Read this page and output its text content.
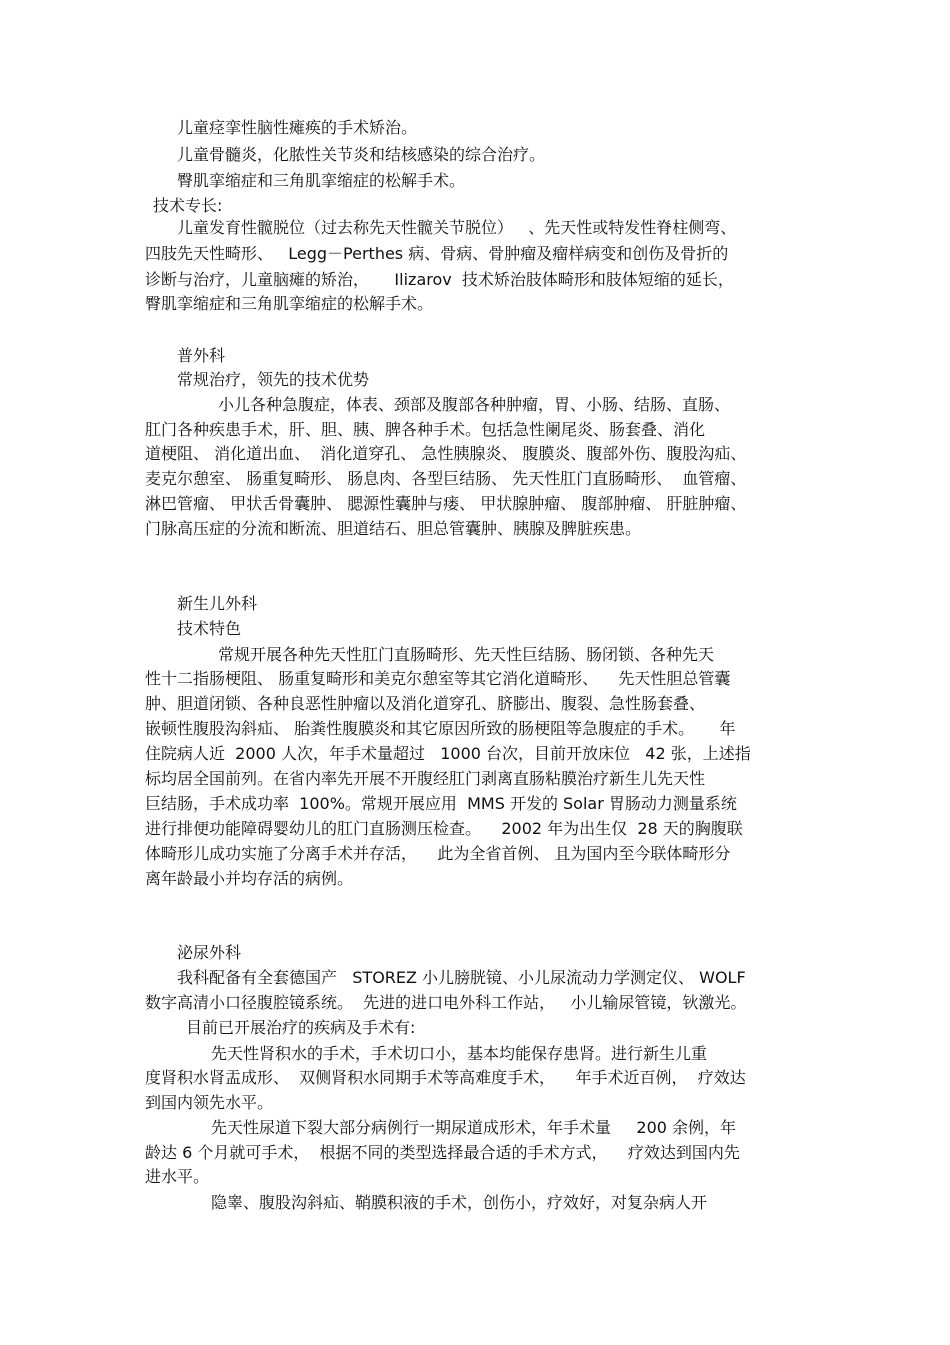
儿童痉挛性脑性瘫痪的手术矫治。
儿童骨髓炎，化脓性关节炎和结核感染的综合治疗。
臀肌挛缩症和三角肌挛缩症的松解手术。
技术专长:
儿童发育性髋脱位（过去称先天性髋关节脱位）   、先天性或特发性脊柱侧弯、
四肢先天性畸形、   Legg－Perthes 病、骨病、骨肿瘤及瘤样病变和创伤及骨折的
诊断与治疗，儿童脑瘫的矫治，     Ilizarov  技术矫治肢体畸形和肢体短缩的延长，
臀肌挛缩症和三角肌挛缩症的松解手术。
普外科
常规治疗，领先的技术优势
小儿各种急腹症，体表、颈部及腹部各种肿瘤，胃、小肠、结肠、直肠、
肛门各种疾患手术，肝、胆、胰、脾各种手术。包括急性阑尾炎、肠套叠、消化
道梗阻、 消化道出血、  消化道穿孔、 急性胰腺炎、 腹膜炎、腹部外伤、腹股沟疝、
麦克尔憩室、 肠重复畸形、 肠息肉、各型巨结肠、 先天性肛门直肠畸形、  血管瘤、
淋巴管瘤、 甲状舌骨囊肿、 腮源性囊肿与瘘、 甲状腺肿瘤、 腹部肿瘤、 肝脏肿瘤、
门脉高压症的分流和断流、胆道结石、胆总管囊肿、胰腺及脾脏疾患。
新生儿外科
技术特色
常规开展各种先天性肛门直肠畸形、先天性巨结肠、肠闭锁、各种先天
性十二指肠梗阻、 肠重复畸形和美克尔憩室等其它消化道畸形、    先天性胆总管囊
肿、胆道闭锁、各种良恶性肿瘤以及消化道穿孔、脐膨出、腹裂、急性肠套叠、
嵌顿性腹股沟斜疝、 胎粪性腹膜炎和其它原因所致的肠梗阻等急腹症的手术。     年
住院病人近  2000 人次，年手术量超过   1000 台次，目前开放床位   42 张，上述指
标均居全国前列。在省内率先开展不开腹经肛门剥离直肠粘膜治疗新生儿先天性
巨结肠，手术成功率  100%。常规开展应用  MMS 开发的 Solar 胃肠动力测量系统
进行排便功能障碍婴幼儿的肛门直肠测压检查。    2002 年为出生仅  28 天的胸腹联
体畸形儿成功实施了分离手术并存活，    此为全省首例、 且为国内至今联体畸形分
离年龄最小并均存活的病例。
泌尿外科
我科配备有全套德国产   STOREZ 小儿膀胱镜、小儿尿流动力学测定仪、 WOLF
数字高清小口径腹腔镜系统。  先进的进口电外科工作站，   小儿输尿管镜，钬激光。
目前已开展治疗的疾病及手术有:
先天性肾积水的手术，手术切口小，基本均能保存患肾。进行新生儿重
度肾积水肾盂成形、  双侧肾积水同期手术等高难度手术，    年手术近百例，  疗效达
到国内领先水平。
先天性尿道下裂大部分病例行一期尿道成形术，年手术量     200 余例，年
龄达 6 个月就可手术，  根据不同的类型选择最合适的手术方式，    疗效达到国内先
进水平。
隐睾、腹股沟斜疝、鞘膜积液的手术，创伤小，疗效好，对复杂病人开
